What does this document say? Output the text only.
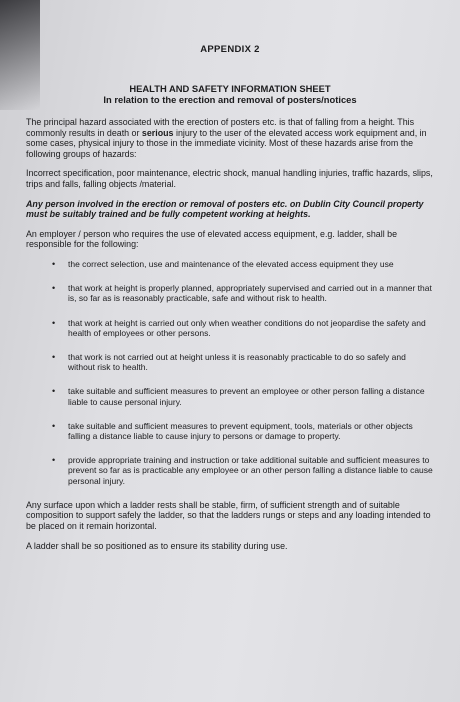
APPENDIX 2
HEALTH AND SAFETY INFORMATION SHEET
In relation to the erection and removal of posters/notices

The principal hazard associated with the erection of posters etc. is that of falling from a height. This commonly results in death or serious injury to the user of the elevated access work equipment and, in some cases, physical injury to those in the immediate vicinity. Most of these hazards arise from the following groups of hazards:

Incorrect specification, poor maintenance, electric shock, manual handling injuries, traffic hazards, slips, trips and falls, falling objects /material.

Any person involved in the erection or removal of posters etc. on Dublin City Council property must be suitably trained and be fully competent working at heights.

An employer / person who requires the use of elevated access equipment, e.g. ladder, shall be responsible for the following:

• the correct selection, use and maintenance of the elevated access equipment they use
• that work at height is properly planned, appropriately supervised and carried out in a manner that is, so far as is reasonably practicable, safe and without risk to health.
• that work at height is carried out only when weather conditions do not jeopardise the safety and health of employees or other persons.
• that work is not carried out at height unless it is reasonably practicable to do so safely and without risk to health.
• take suitable and sufficient measures to prevent an employee or other person falling a distance liable to cause personal injury.
• take suitable and sufficient measures to prevent equipment, tools, materials or other objects falling a distance liable to cause injury to persons or damage to property.
• provide appropriate training and instruction or take additional suitable and sufficient measures to prevent so far as is practicable any employee or an other person falling a distance liable to cause personal injury.

Any surface upon which a ladder rests shall be stable, firm, of sufficient strength and of suitable composition to support safely the ladder, so that the ladders rungs or steps and any loading intended to be placed on it remain horizontal.

A ladder shall be so positioned as to ensure its stability during use.
